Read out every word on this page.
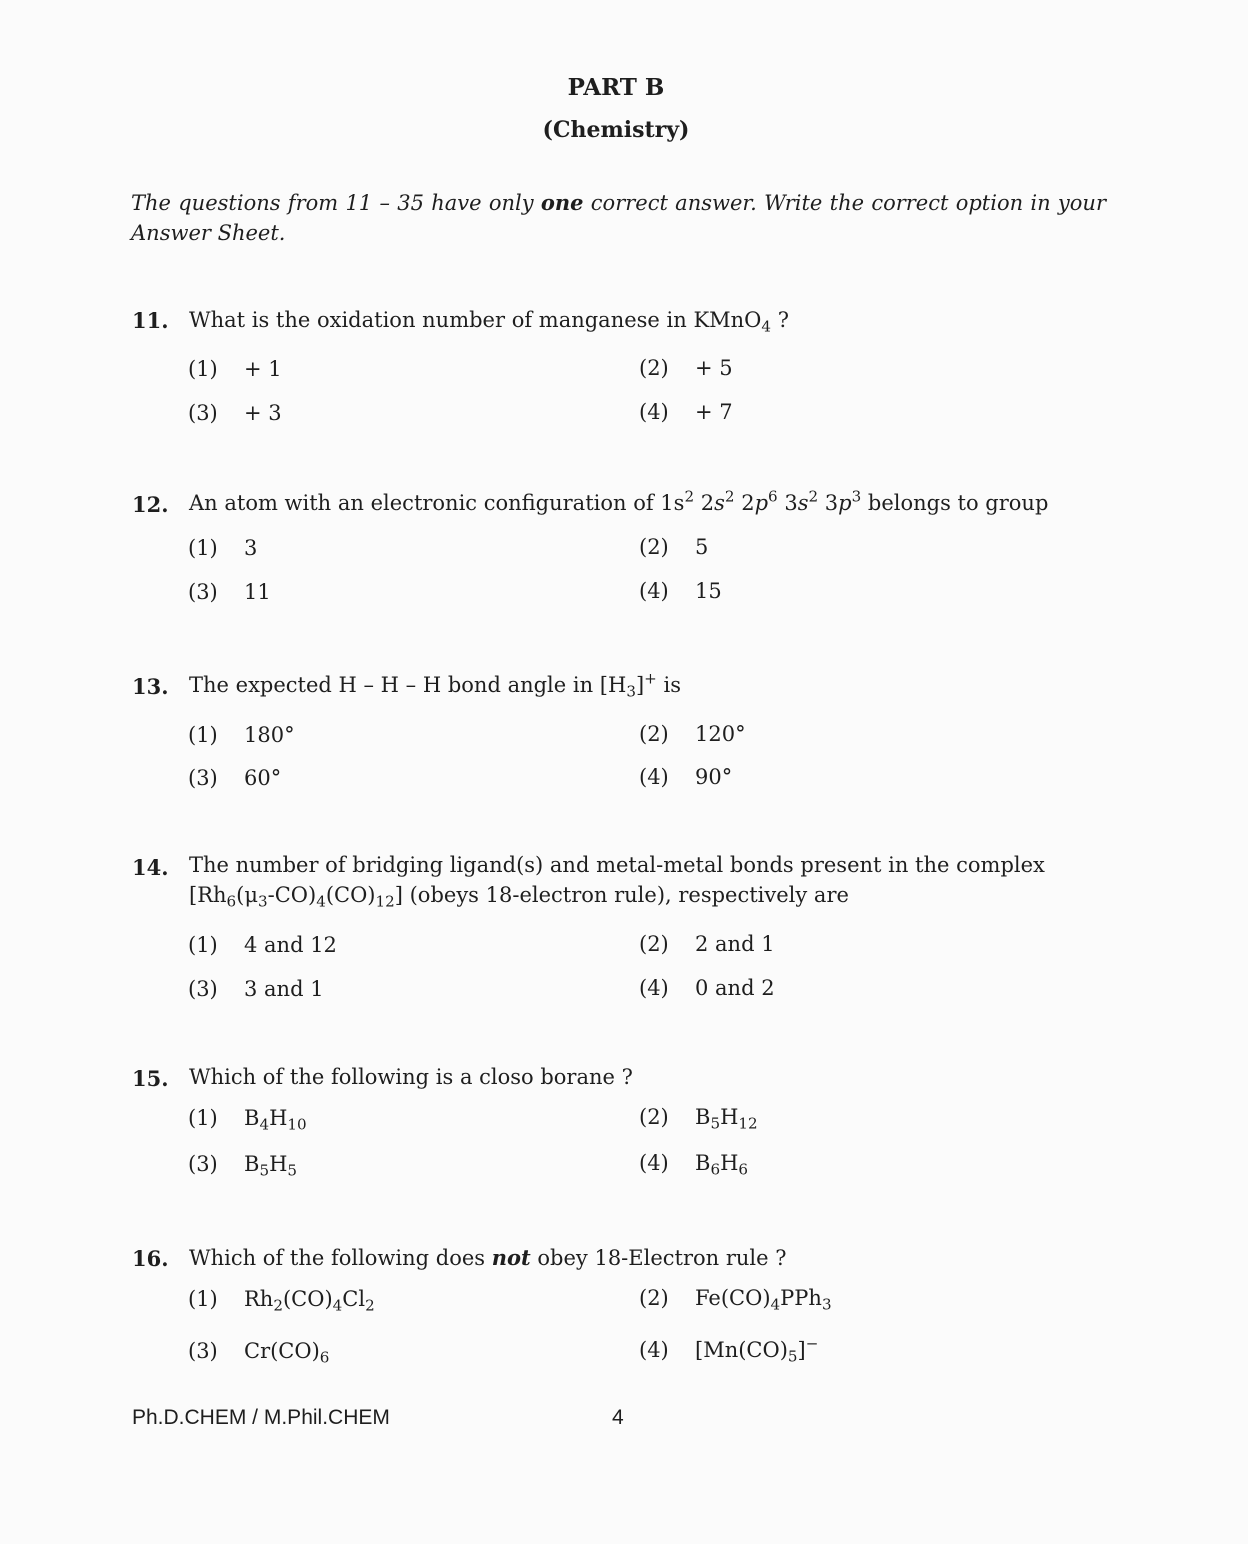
PART B
(Chemistry)
The questions from 11 – 35 have only one correct answer. Write the correct option in your Answer Sheet.
11. What is the oxidation number of manganese in KMnO$_4$ ?
(1) + 1	(2) + 5
(3) + 3	(4) + 7
12. An atom with an electronic configuration of $1s^2$ $2s^2$ $2p^6$ $3s^2$ $3p^3$ belongs to group
(1) 3	(2) 5
(3) 11	(4) 15
13. The expected H – H – H bond angle in $[H_3]^+$ is
(1) 180°	(2) 120°
(3) 60°	(4) 90°
14. The number of bridging ligand(s) and metal-metal bonds present in the complex
$[Rh_6(\mu_3-CO)_4(CO)_{12}]$ (obeys 18-electron rule), respectively are
(1) 4 and 12	(2) 2 and 1
(3) 3 and 1	(4) 0 and 2
15. Which of the following is a closo borane ?
(1) $B_4H_{10}$	(2) $B_5H_{12}$
(3) $B_5H_5$	(4) $B_6H_6$
16. Which of the following does not obey 18-Electron rule ?
(1) $Rh_2(CO)_4Cl_2$	(2) $Fe(CO)_4PPh_3$
(3) $Cr(CO)_6$	(4) $[Mn(CO)_5]^-$
Ph.D.CHEM / M.Phil.CHEM	4
